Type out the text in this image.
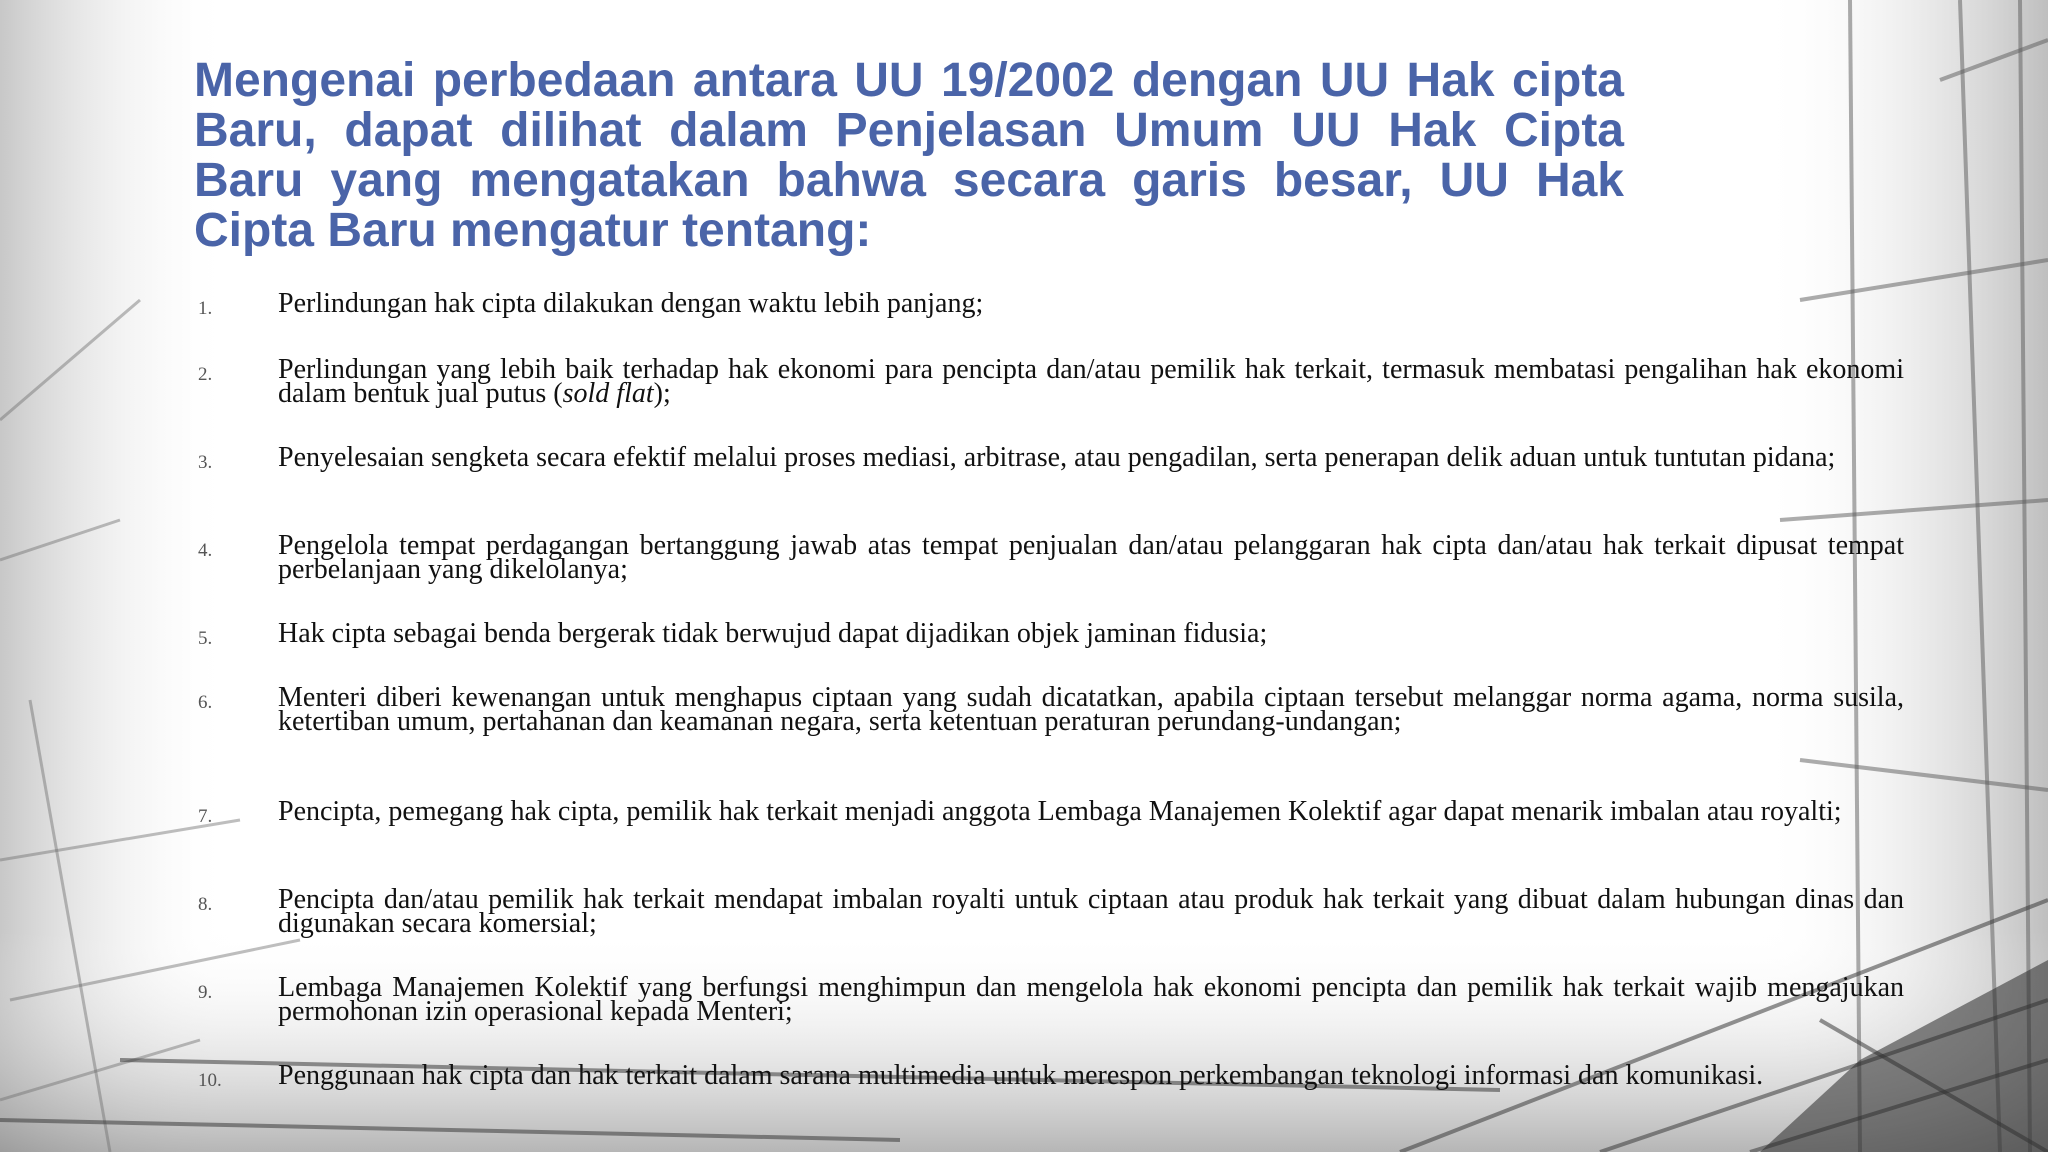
Mengenai perbedaan antara UU 19/2002 dengan UU Hak cipta Baru, dapat dilihat dalam Penjelasan Umum UU Hak Cipta Baru yang mengatakan bahwa secara garis besar, UU Hak Cipta Baru mengatur tentang:
1.	Perlindungan hak cipta dilakukan dengan waktu lebih panjang;

2.	Perlindungan yang lebih baik terhadap hak ekonomi para pencipta dan/atau pemilik hak terkait, termasuk membatasi pengalihan hak ekonomi dalam bentuk jual putus (sold flat);

3.	Penyelesaian sengketa secara efektif melalui proses mediasi, arbitrase, atau pengadilan, serta penerapan delik aduan untuk tuntutan pidana;

4.	Pengelola tempat perdagangan bertanggung jawab atas tempat penjualan dan/atau pelanggaran hak cipta dan/atau hak terkait dipusat tempat perbelanjaan yang dikelolanya;

5.	Hak cipta sebagai benda bergerak tidak berwujud dapat dijadikan objek jaminan fidusia;

6.	Menteri diberi kewenangan untuk menghapus ciptaan yang sudah dicatatkan, apabila ciptaan tersebut melanggar norma agama, norma susila, ketertiban umum, pertahanan dan keamanan negara, serta ketentuan peraturan perundang-undangan;

7.	Pencipta, pemegang hak cipta, pemilik hak terkait menjadi anggota Lembaga Manajemen Kolektif agar dapat menarik imbalan atau royalti;

8.	Pencipta dan/atau pemilik hak terkait mendapat imbalan royalti untuk ciptaan atau produk hak terkait yang dibuat dalam hubungan dinas dan digunakan secara komersial;

9.	Lembaga Manajemen Kolektif yang berfungsi menghimpun dan mengelola hak ekonomi pencipta dan pemilik hak terkait wajib mengajukan permohonan izin operasional kepada Menteri;

10.	Penggunaan hak cipta dan hak terkait dalam sarana multimedia untuk merespon perkembangan teknologi informasi dan komunikasi.
